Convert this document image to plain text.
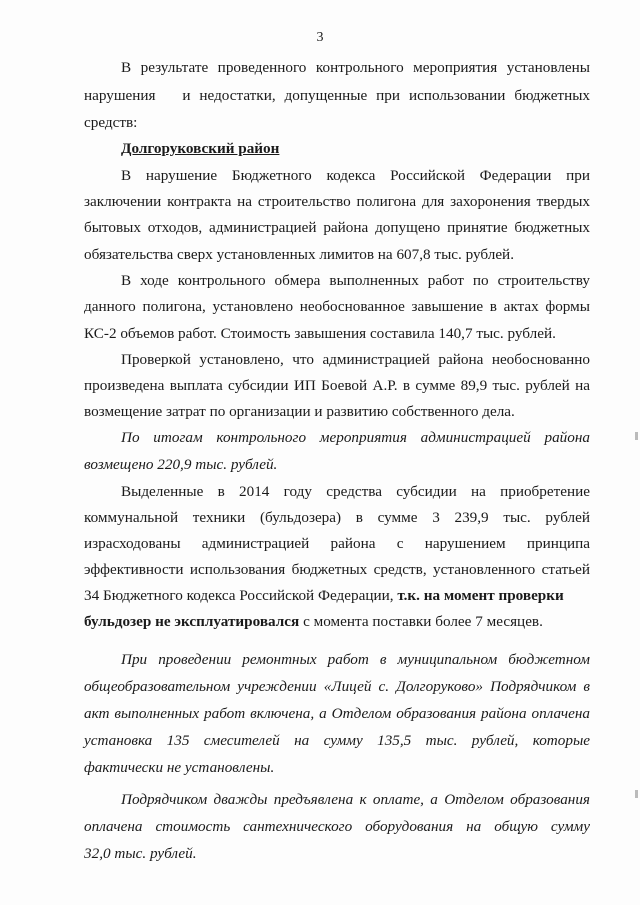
3
В результате проведенного контрольного мероприятия установлены
нарушения   и недостатки, допущенные при использовании бюджетных
средств:
Долгоруковский район
В нарушение Бюджетного кодекса Российской Федерации при
заключении контракта на строительство полигона для захоронения твердых
бытовых отходов, администрацией района допущено принятие бюджетных
обязательства сверх установленных лимитов на 607,8 тыс. рублей.
В ходе контрольного обмера выполненных работ по строительству
данного полигона, установлено необоснованное завышение в актах формы
КС-2 объемов работ. Стоимость завышения составила 140,7 тыс. рублей.
Проверкой установлено, что администрацией района необоснованно
произведена выплата субсидии ИП Боевой А.Р. в сумме 89,9 тыс. рублей на
возмещение затрат по организации и развитию собственного дела.
По итогам контрольного мероприятия администрацией района
возмещено 220,9 тыс. рублей.
Выделенные в 2014 году средства субсидии на приобретение
коммунальной техники (бульдозера) в сумме 3 239,9 тыс. рублей
израсходованы администрацией района с нарушением принципа
эффективности использования бюджетных средств, установленного статьей
34 Бюджетного кодекса Российской Федерации, т.к. на момент проверки
бульдозер не эксплуатировался с момента поставки более 7 месяцев.
При проведении ремонтных работ в муниципальном бюджетном
общеобразовательном учреждении «Лицей с. Долгоруково» Подрядчиком в
акт выполненных работ включена, а Отделом образования района оплачена
установка 135 смесителей на сумму 135,5 тыс. рублей, которые
фактически не установлены.
Подрядчиком дважды предъявлена к оплате, а Отделом образования
оплачена стоимость сантехнического оборудования на общую сумму
32,0 тыс. рублей.
